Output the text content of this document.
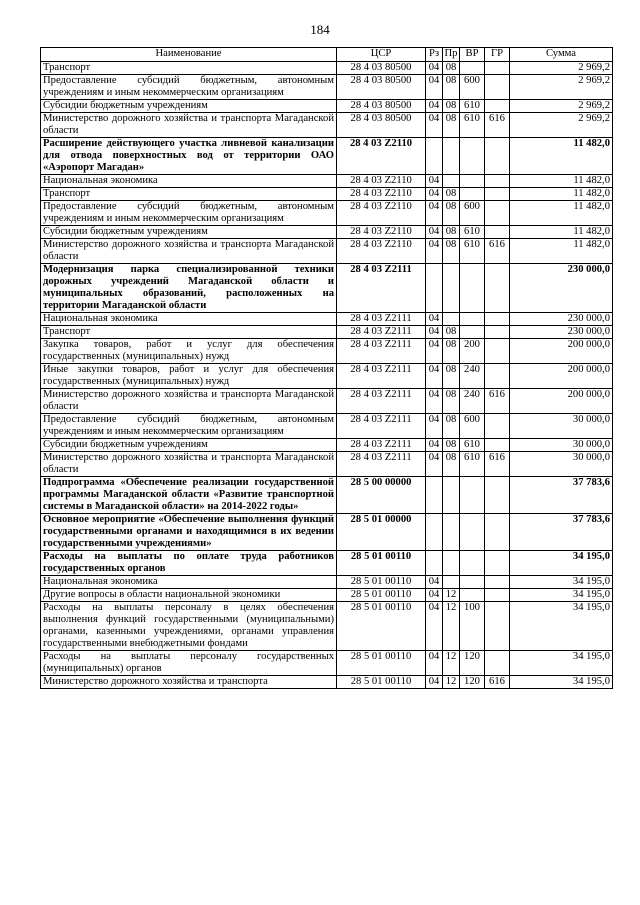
184
Наименование	ЦСР	Рз	Пр	ВР	ГР	Сумма
Транспорт	28 4 03 80500	04	08			2 969,2
Предоставление субсидий бюджетным, автономным учреждениям и иным некоммерческим организациям	28 4 03 80500	04	08	600		2 969,2
Субсидии бюджетным учреждениям	28 4 03 80500	04	08	610		2 969,2
Министерство дорожного хозяйства и транспорта Магаданской области	28 4 03 80500	04	08	610	616	2 969,2
Расширение действующего участка ливневой канализации для отвода поверхностных вод от территории ОАО «Аэропорт Магадан»	28 4 03 Z2110					11 482,0
Национальная экономика	28 4 03 Z2110	04				11 482,0
Транспорт	28 4 03 Z2110	04	08			11 482,0
Предоставление субсидий бюджетным, автономным учреждениям и иным некоммерческим организациям	28 4 03 Z2110	04	08	600		11 482,0
Субсидии бюджетным учреждениям	28 4 03 Z2110	04	08	610		11 482,0
Министерство дорожного хозяйства и транспорта Магаданской области	28 4 03 Z2110	04	08	610	616	11 482,0
Модернизация парка специализированной техники дорожных учреждений Магаданской области и муниципальных образований, расположенных на территории Магаданской области	28 4 03 Z2111					230 000,0
Национальная экономика	28 4 03 Z2111	04				230 000,0
Транспорт	28 4 03 Z2111	04	08			230 000,0
Закупка товаров, работ и услуг для обеспечения государственных (муниципальных) нужд	28 4 03 Z2111	04	08	200		200 000,0
Иные закупки товаров, работ и услуг для обеспечения государственных (муниципальных) нужд	28 4 03 Z2111	04	08	240		200 000,0
Министерство дорожного хозяйства и транспорта Магаданской области	28 4 03 Z2111	04	08	240	616	200 000,0
Предоставление субсидий бюджетным, автономным учреждениям и иным некоммерческим организациям	28 4 03 Z2111	04	08	600		30 000,0
Субсидии бюджетным учреждениям	28 4 03 Z2111	04	08	610		30 000,0
Министерство дорожного хозяйства и транспорта Магаданской области	28 4 03 Z2111	04	08	610	616	30 000,0
Подпрограмма «Обеспечение реализации государственной программы Магаданской области «Развитие транспортной системы в Магаданской области» на 2014-2022 годы»	28 5 00 00000					37 783,6
Основное мероприятие «Обеспечение выполнения функций государственными органами и находящимися в их ведении государственными учреждениями»	28 5 01 00000					37 783,6
Расходы на выплаты по оплате труда работников государственных органов	28 5 01 00110					34 195,0
Национальная экономика	28 5 01 00110	04				34 195,0
Другие вопросы в области национальной экономики	28 5 01 00110	04	12			34 195,0
Расходы на выплаты персоналу в целях обеспечения выполнения функций государственными (муниципальными) органами, казенными учреждениями, органами управления государственными внебюджетными фондами	28 5 01 00110	04	12	100		34 195,0
Расходы на выплаты персоналу государственных (муниципальных) органов	28 5 01 00110	04	12	120		34 195,0
Министерство дорожного хозяйства и транспорта	28 5 01 00110	04	12	120	616	34 195,0
